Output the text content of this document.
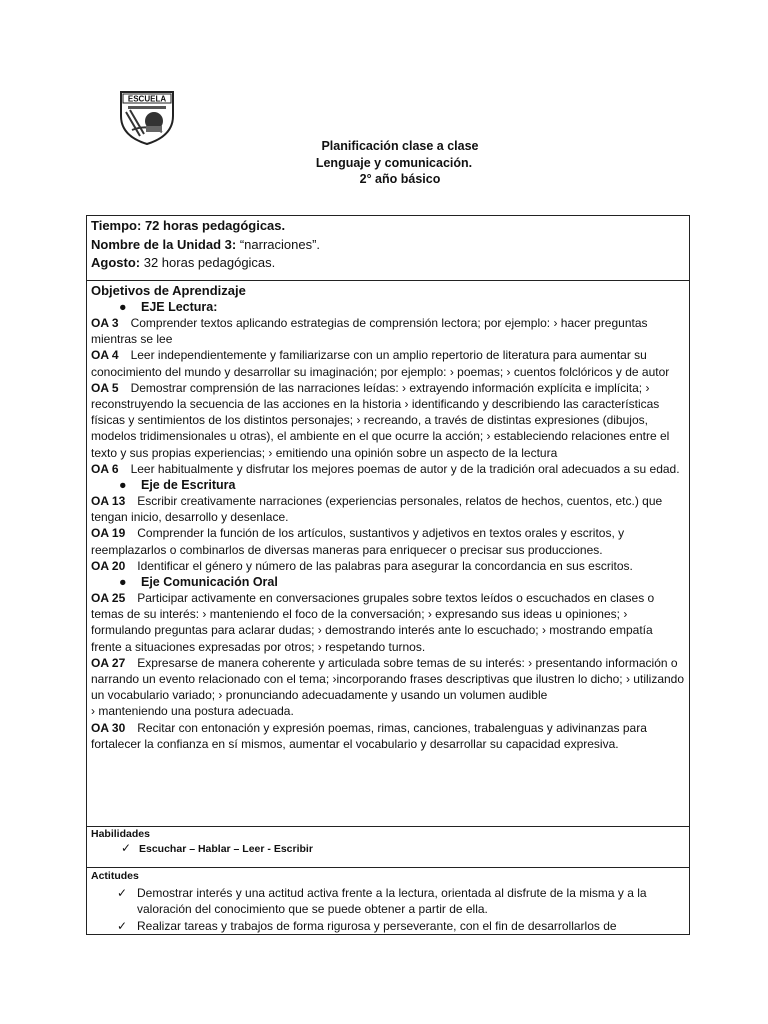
ESCUELA
Planificación clase a clase
Lenguaje y comunicación.
2° año básico
Tiempo: 72 horas pedagógicas.
Nombre de la Unidad 3: “narraciones”.
Agosto: 32 horas pedagógicas.

Objetivos de Aprendizaje
● EJE Lectura:

OA 3 Comprender textos aplicando estrategias de comprensión lectora; por ejemplo: › hacer preguntas mientras se lee

OA 4 Leer independientemente y familiarizarse con un amplio repertorio de literatura para aumentar su conocimiento del mundo y desarrollar su imaginación; por ejemplo: › poemas; › cuentos folclóricos y de autor

OA 5 Demostrar comprensión de las narraciones leídas: › extrayendo información explícita e implícita; › reconstruyendo la secuencia de las acciones en la historia › identificando y describiendo las características físicas y sentimientos de los distintos personajes; › recreando, a través de distintas expresiones (dibujos, modelos tridimensionales u otras), el ambiente en el que ocurre la acción; › estableciendo relaciones entre el texto y sus propias experiencias; › emitiendo una opinión sobre un aspecto de la lectura

OA 6 Leer habitualmente y disfrutar los mejores poemas de autor y de la tradición oral adecuados a su edad.

● Eje de Escritura

OA 13 Escribir creativamente narraciones (experiencias personales, relatos de hechos, cuentos, etc.) que tengan inicio, desarrollo y desenlace.

OA 19 Comprender la función de los artículos, sustantivos y adjetivos en textos orales y escritos, y reemplazarlos o combinarlos de diversas maneras para enriquecer o precisar sus producciones.

OA 20 Identificar el género y número de las palabras para asegurar la concordancia en sus escritos.

● Eje Comunicación Oral

OA 25 Participar activamente en conversaciones grupales sobre textos leídos o escuchados en clases o temas de su interés: › manteniendo el foco de la conversación; › expresando sus ideas u opiniones; › formulando preguntas para aclarar dudas; › demostrando interés ante lo escuchado; › mostrando empatía frente a situaciones expresadas por otros; › respetando turnos.

OA 27 Expresarse de manera coherente y articulada sobre temas de su interés: › presentando información o narrando un evento relacionado con el tema; ›incorporando frases descriptivas que ilustren lo dicho; › utilizando un vocabulario variado; › pronunciando adecuadamente y usando un volumen audible

› manteniendo una postura adecuada.

OA 30 Recitar con entonación y expresión poemas, rimas, canciones, trabalenguas y adivinanzas para fortalecer la confianza en sí mismos, aumentar el vocabulario y desarrollar su capacidad expresiva.

Habilidades
✓ Escuchar – Hablar – Leer - Escribir

Actitudes
✓ Demostrar interés y una actitud activa frente a la lectura, orientada al disfrute de la misma y a la valoración del conocimiento que se puede obtener a partir de ella.
✓ Realizar tareas y trabajos de forma rigurosa y perseverante, con el fin de desarrollarlos de
